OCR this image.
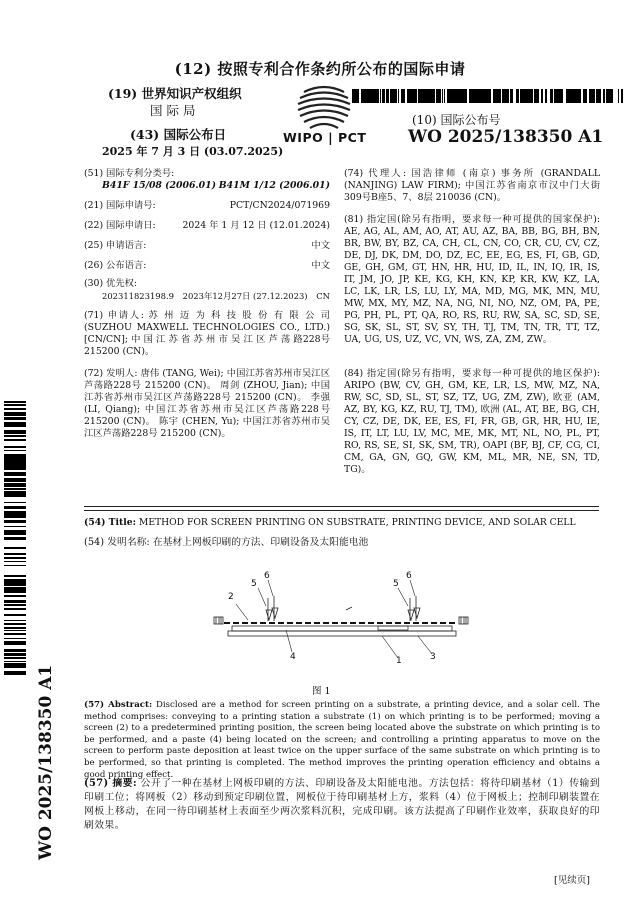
(12) 按照专利合作条约所公布的国际申请
(19) 世界知识产权组织
国 际 局
(43) 国际公布日
2025 年 7 月 3 日 (03.07.2025)
WIPO | PCT
(10) 国际公布号
WO 2025/138350 A1
(51) 国际专利分类号:
B41F 15/08 (2006.01) B41M 1/12 (2006.01)
(21) 国际申请号:	PCT/CN2024/071969
(22) 国际申请日:	2024 年 1 月 12 日 (12.01.2024)
(25) 申请语言:	中文
(26) 公布语言:	中文
(30) 优先权:
202311823198.9 2023年12月27日 (27.12.2023) CN
(71) 申请人: 苏 州 迈 为 科 技 股 份 有 限 公 司 (SUZHOU MAXWELL TECHNOLOGIES CO., LTD.) [CN/CN]; 中 国 江 苏 省 苏 州 市 吴 江 区 芦 荡 路228号 215200 (CN)。
(72) 发明人: 唐伟 (TANG, Wei); 中国江苏省苏州市吴江区芦荡路228号 215200 (CN)。 周剑 (ZHOU, Jian); 中国江苏省苏州市吴江区芦荡路228号 215200 (CN)。 李强 (LI, Qiang); 中国江苏省苏州市吴江区芦荡路228号 215200 (CN)。 陈宇 (CHEN, Yu); 中国江苏省苏州市吴江区芦荡路228号 215200 (CN)。
(74) 代理人: 国浩律师 (南京) 事务所 (GRANDALL (NANJING) LAW FIRM); 中国江苏省南京市汉中门大街309号B座5、7、8层 210036 (CN)。
(81) 指定国(除另有指明，要求每一种可提供的国家保护): AE, AG, AL, AM, AO, AT, AU, AZ, BA, BB, BG, BH, BN, BR, BW, BY, BZ, CA, CH, CL, CN, CO, CR, CU, CV, CZ, DE, DJ, DK, DM, DO, DZ, EC, EE, EG, ES, FI, GB, GD, GE, GH, GM, GT, HN, HR, HU, ID, IL, IN, IQ, IR, IS, IT, JM, JO, JP, KE, KG, KH, KN, KP, KR, KW, KZ, LA, LC, LK, LR, LS, LU, LY, MA, MD, MG, MK, MN, MU, MW, MX, MY, MZ, NA, NG, NI, NO, NZ, OM, PA, PE, PG, PH, PL, PT, QA, RO, RS, RU, RW, SA, SC, SD, SE, SG, SK, SL, ST, SV, SY, TH, TJ, TM, TN, TR, TT, TZ, UA, UG, US, UZ, VC, VN, WS, ZA, ZM, ZW。
(84) 指定国(除另有指明，要求每一种可提供的地区保护): ARIPO (BW, CV, GH, GM, KE, LR, LS, MW, MZ, NA, RW, SC, SD, SL, ST, SZ, TZ, UG, ZM, ZW), 欧亚 (AM, AZ, BY, KG, KZ, RU, TJ, TM), 欧洲 (AL, AT, BE, BG, CH, CY, CZ, DE, DK, EE, ES, FI, FR, GB, GR, HR, HU, IE, IS, IT, LT, LU, LV, MC, ME, MK, MT, NL, NO, PL, PT, RO, RS, SE, SI, SK, SM, TR), OAPI (BF, BJ, CF, CG, CI, CM, GA, GN, GQ, GW, KM, ML, MR, NE, SN, TD, TG)。
(54) Title: METHOD FOR SCREEN PRINTING ON SUBSTRATE, PRINTING DEVICE, AND SOLAR CELL
(54) 发明名称: 在基材上网板印刷的方法、印刷设备及太阳能电池
2
5
6
5
6
4	1	3
图 1
(57) Abstract: Disclosed are a method for screen printing on a substrate, a printing device, and a solar cell. The method comprises: conveying to a printing station a substrate (1) on which printing is to be performed; moving a screen (2) to a predetermined printing position, the screen being located above the substrate on which printing is to be performed, and a paste (4) being located on the screen; and controlling a printing apparatus to move on the screen to perform paste deposition at least twice on the upper surface of the same substrate on which printing is to be performed, so that printing is completed. The method improves the printing operation efficiency and obtains a good printing effect.
(57) 摘要: 公开了一种在基材上网板印刷的方法、印刷设备及太阳能电池。方法包括：将待印刷基材（1）传输到印刷工位；将网板（2）移动到预定印刷位置，网板位于待印刷基材上方，浆料（4）位于网板上；控制印刷装置在网板上移动，在同一待印刷基材上表面至少两次浆料沉积，完成印刷。该方法提高了印刷作业效率，获取良好的印刷效果。
WO 2025/138350 A1
[见续页]
